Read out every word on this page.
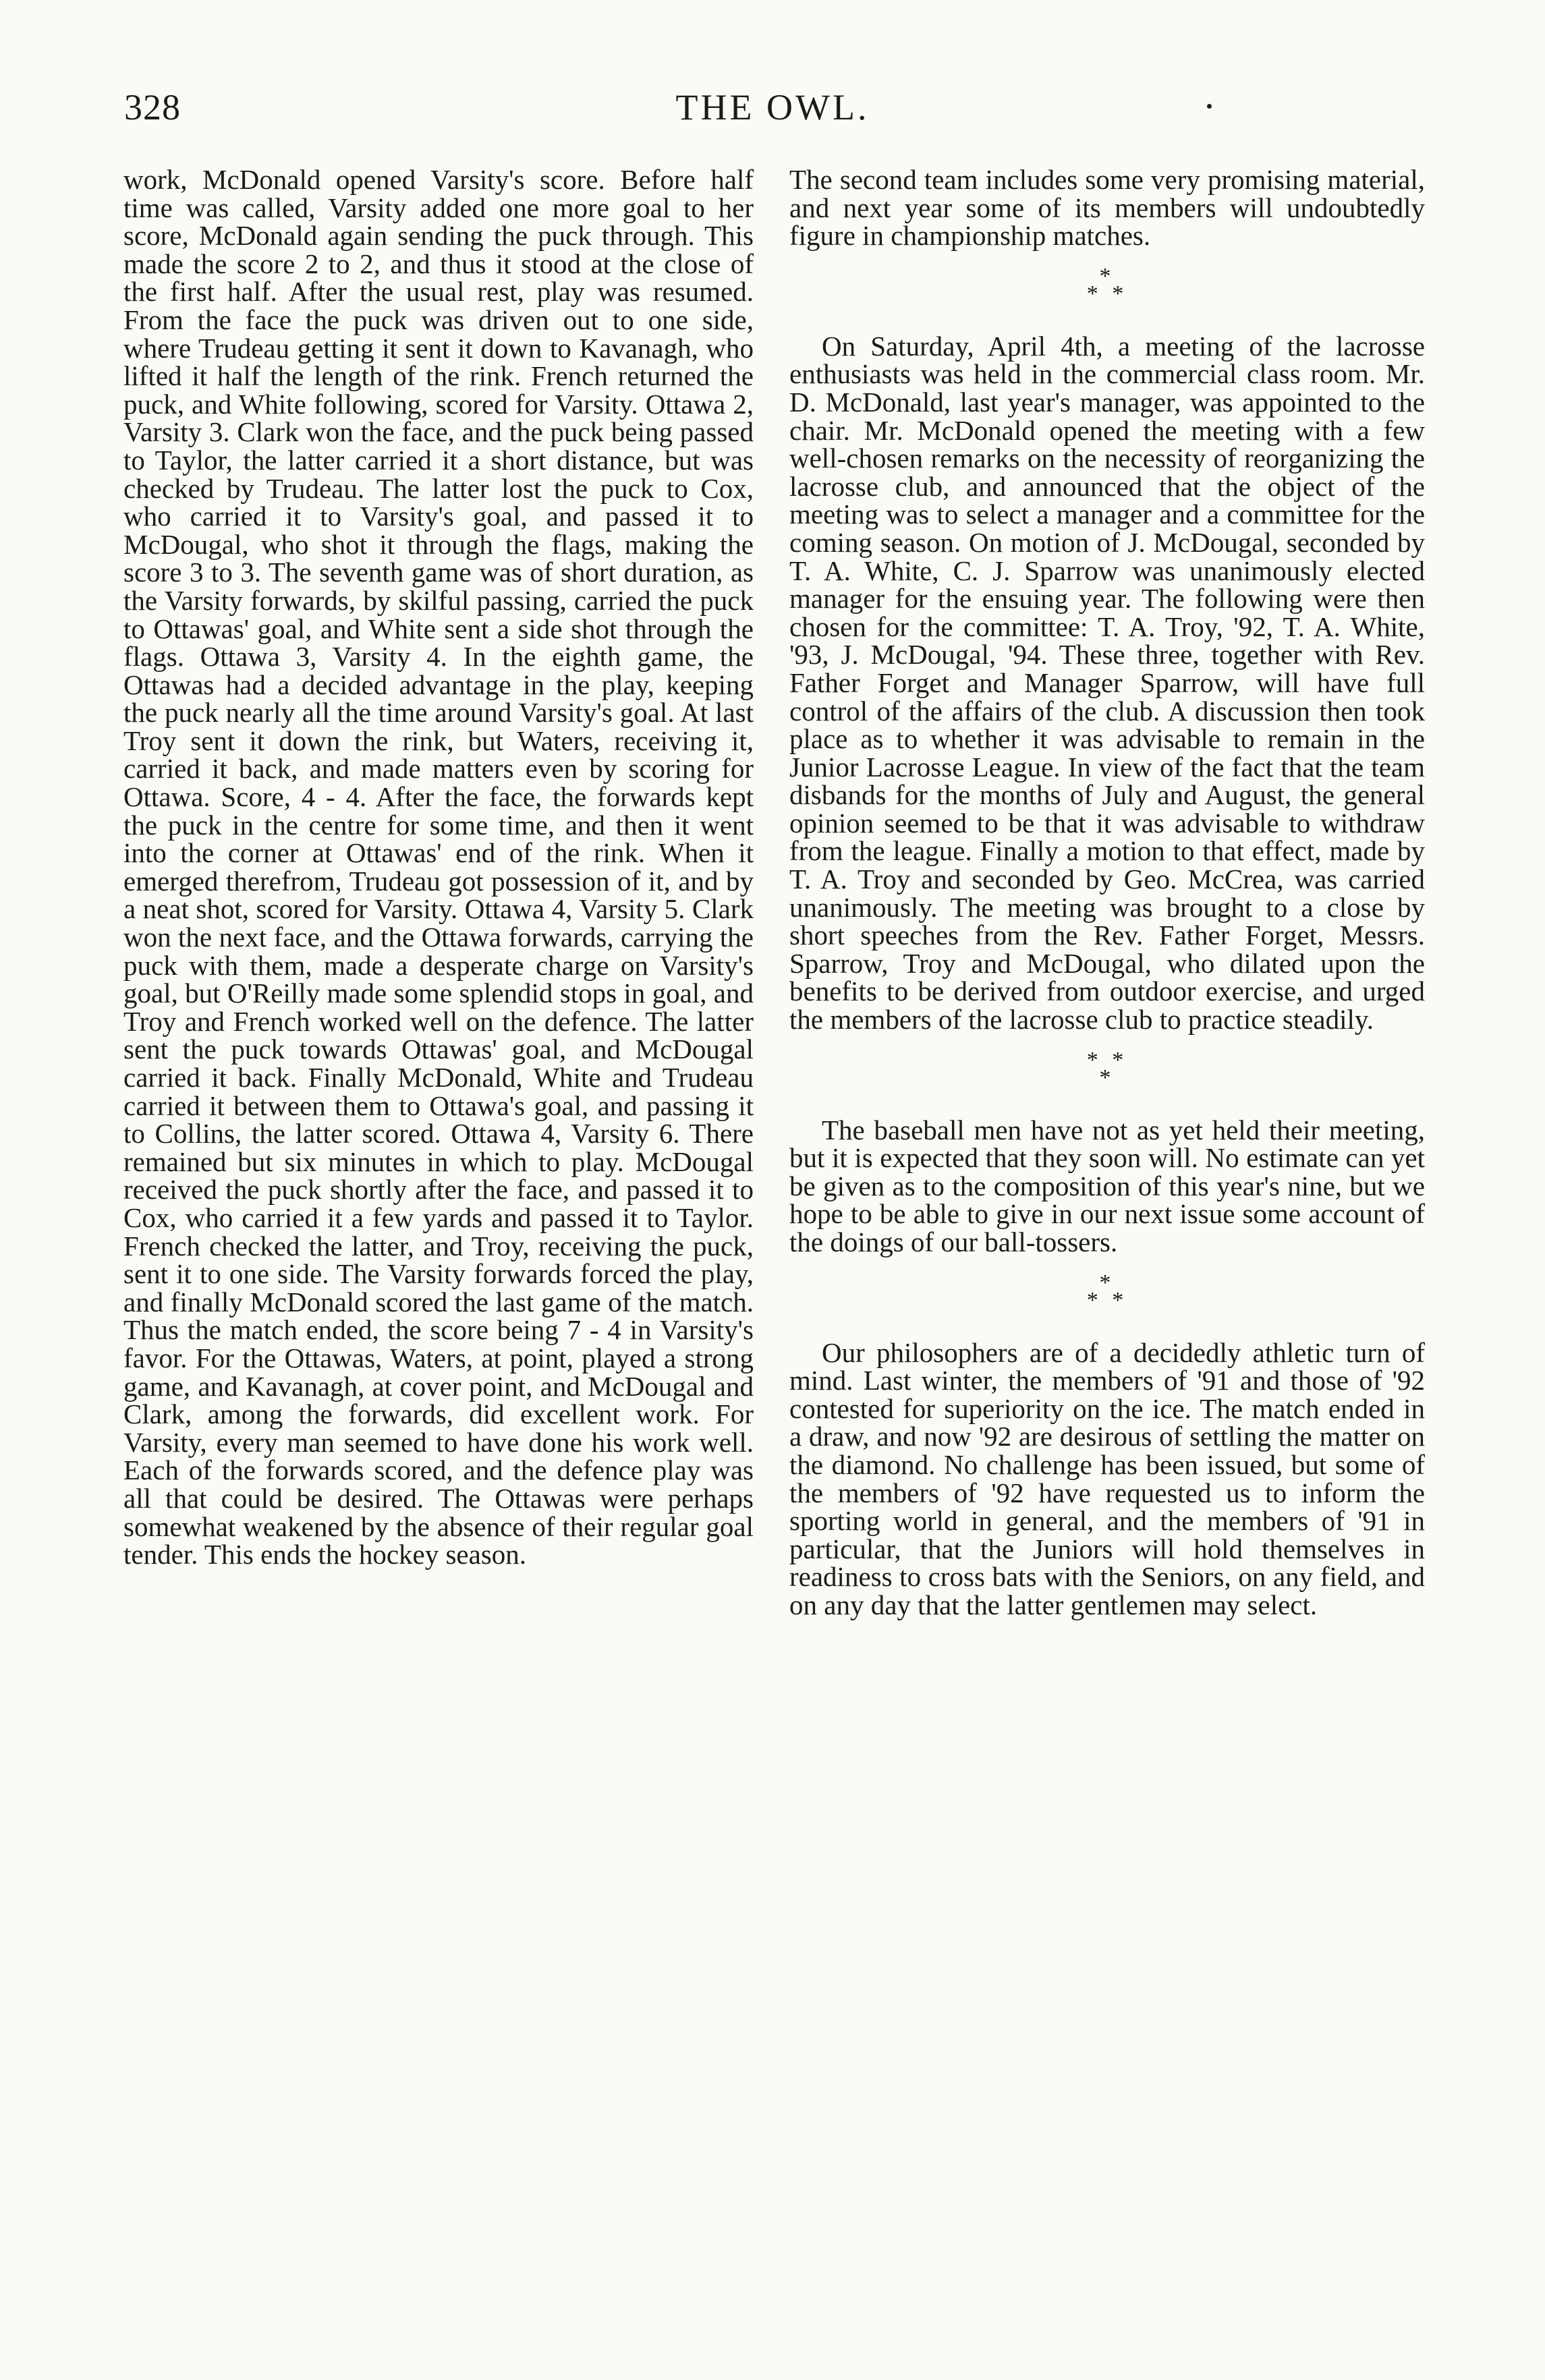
328	THE OWL.

work, McDonald opened Varsity's score. Before half time was called, Varsity added one more goal to her score, McDonald again sending the puck through. This made the score 2 to 2, and thus it stood at the close of the first half. After the usual rest, play was resumed. From the face the puck was driven out to one side, where Trudeau getting it sent it down to Kavanagh, who lifted it half the length of the rink. French returned the puck, and White following, scored for Varsity. Ottawa 2, Varsity 3. Clark won the face, and the puck being passed to Taylor, the latter carried it a short distance, but was checked by Trudeau. The latter lost the puck to Cox, who carried it to Varsity's goal, and passed it to McDougal, who shot it through the flags, making the score 3 to 3. The seventh game was of short duration, as the Varsity forwards, by skilful passing, carried the puck to Ottawas' goal, and White sent a side shot through the flags. Ottawa 3, Varsity 4. In the eighth game, the Ottawas had a decided advantage in the play, keeping the puck nearly all the time around Varsity's goal. At last Troy sent it down the rink, but Waters, receiving it, carried it back, and made matters even by scoring for Ottawa. Score, 4 - 4. After the face, the forwards kept the puck in the centre for some time, and then it went into the corner at Ottawas' end of the rink. When it emerged therefrom, Trudeau got possession of it, and by a neat shot, scored for Varsity. Ottawa 4, Varsity 5. Clark won the next face, and the Ottawa forwards, carrying the puck with them, made a desperate charge on Varsity's goal, but O'Reilly made some splendid stops in goal, and Troy and French worked well on the defence. The latter sent the puck towards Ottawas' goal, and McDougal carried it back. Finally McDonald, White and Trudeau carried it between them to Ottawa's goal, and passing it to Collins, the latter scored. Ottawa 4, Varsity 6. There remained but six minutes in which to play. McDougal received the puck shortly after the face, and passed it to Cox, who carried it a few yards and passed it to Taylor. French checked the latter, and Troy, receiving the puck, sent it to one side. The Varsity forwards forced the play, and finally McDonald scored the last game of the match. Thus the match ended, the score being 7 - 4 in Varsity's favor. For the Ottawas, Waters, at point, played a strong game, and Kavanagh, at cover point, and McDougal and Clark, among the forwards, did excellent work. For Varsity, every man seemed to have done his work well. Each of the forwards scored, and the defence play was all that could be desired. The Ottawas were perhaps somewhat weakened by the absence of their regular goal tender. This ends the hockey season.

The second team includes some very promising material, and next year some of its members will undoubtedly figure in championship matches.

*
* *

On Saturday, April 4th, a meeting of the lacrosse enthusiasts was held in the commercial class room. Mr. D. McDonald, last year's manager, was appointed to the chair. Mr. McDonald opened the meeting with a few well-chosen remarks on the necessity of reorganizing the lacrosse club, and announced that the object of the meeting was to select a manager and a committee for the coming season. On motion of J. McDougal, seconded by T. A. White, C. J. Sparrow was unanimously elected manager for the ensuing year. The following were then chosen for the committee: T. A. Troy, '92, T. A. White, '93, J. McDougal, '94. These three, together with Rev. Father Forget and Manager Sparrow, will have full control of the affairs of the club. A discussion then took place as to whether it was advisable to remain in the Junior Lacrosse League. In view of the fact that the team disbands for the months of July and August, the general opinion seemed to be that it was advisable to withdraw from the league. Finally a motion to that effect, made by T. A. Troy and seconded by Geo. McCrea, was carried unanimously. The meeting was brought to a close by short speeches from the Rev. Father Forget, Messrs. Sparrow, Troy and McDougal, who dilated upon the benefits to be derived from outdoor exercise, and urged the members of the lacrosse club to practice steadily.

* *
*

The baseball men have not as yet held their meeting, but it is expected that they soon will. No estimate can yet be given as to the composition of this year's nine, but we hope to be able to give in our next issue some account of the doings of our ball-tossers.

*
* *

Our philosophers are of a decidedly athletic turn of mind. Last winter, the members of '91 and those of '92 contested for superiority on the ice. The match ended in a draw, and now '92 are desirous of settling the matter on the diamond. No challenge has been issued, but some of the members of '92 have requested us to inform the sporting world in general, and the members of '91 in particular, that the Juniors will hold themselves in readiness to cross bats with the Seniors, on any field, and on any day that the latter gentlemen may select.
